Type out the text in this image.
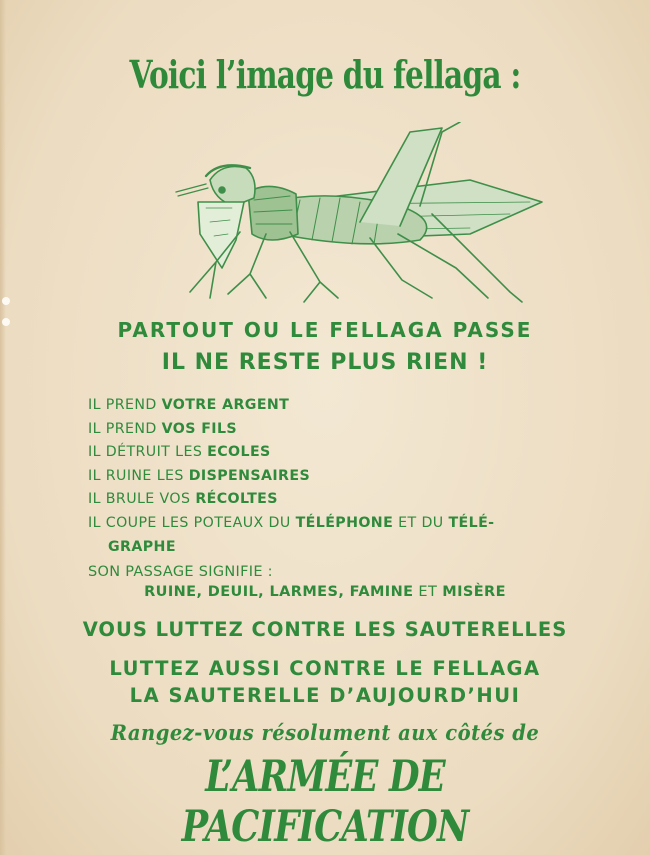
Voici l’image du fellaga :

PARTOUT OU LE FELLAGA PASSE

IL NE RESTE PLUS RIEN !

IL PREND VOTRE ARGENT
IL PREND VOS FILS
IL DÉTRUIT LES ECOLES
IL RUINE LES DISPENSAIRES
IL BRULE VOS RÉCOLTES
IL COUPE LES POTEAUX DU TÉLÉPHONE ET DU TÉLÉ-
GRAPHE

SON PASSAGE SIGNIFIE :

RUINE, DEUIL, LARMES, FAMINE ET MISÈRE

VOUS LUTTEZ CONTRE LES SAUTERELLES

LUTTEZ AUSSI CONTRE LE FELLAGA

LA SAUTERELLE D’AUJOURD’HUI

Rangez-vous résolument aux côtés de

L’ARMÉE DE PACIFICATION
